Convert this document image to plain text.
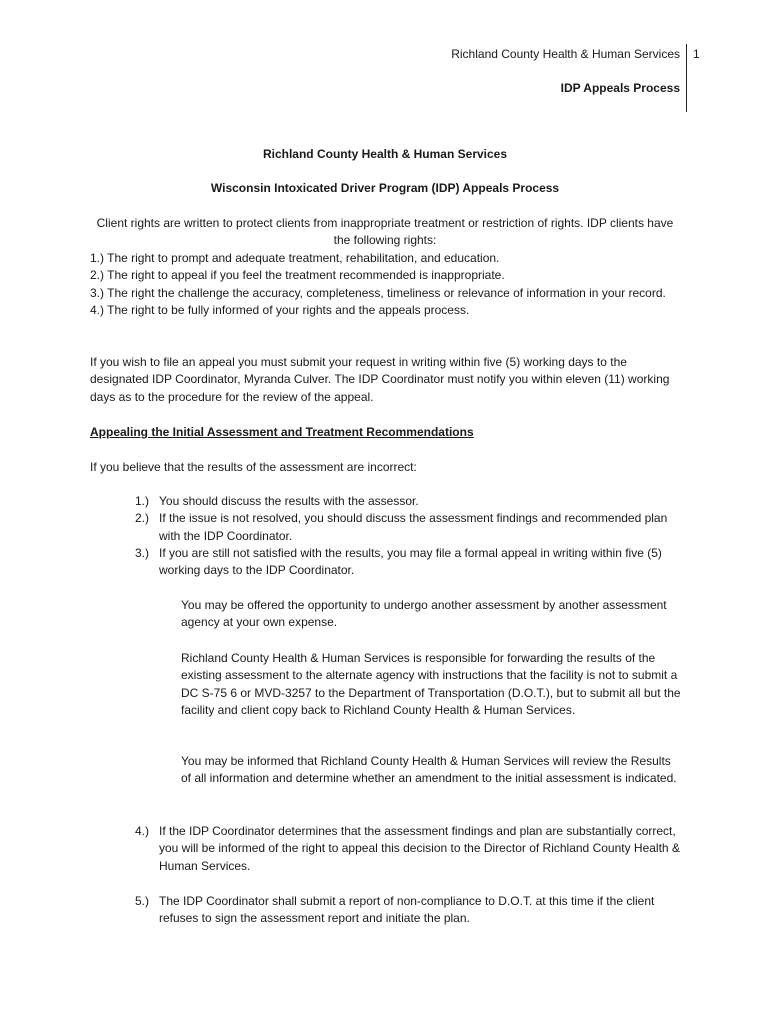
Richland County Health & Human Services 1
IDP Appeals Process
Richland County Health & Human Services
Wisconsin Intoxicated Driver Program (IDP) Appeals Process
Client rights are written to protect clients from inappropriate treatment or restriction of rights. IDP clients have the following rights:

1.) The right to prompt and adequate treatment, rehabilitation, and education.

2.) The right to appeal if you feel the treatment recommended is inappropriate.

3.) The right the challenge the accuracy, completeness, timeliness or relevance of information in your record.

4.) The right to be fully informed of your rights and the appeals process.

If you wish to file an appeal you must submit your request in writing within five (5) working days to the designated IDP Coordinator, Myranda Culver. The IDP Coordinator must notify you within eleven (11) working days as to the procedure for the review of the appeal.
Appealing the Initial Assessment and Treatment Recommendations
If you believe that the results of the assessment are incorrect:
1.) You should discuss the results with the assessor.
2.) If the issue is not resolved, you should discuss the assessment findings and recommended plan with the IDP Coordinator.
3.) If you are still not satisfied with the results, you may file a formal appeal in writing within five (5) working days to the IDP Coordinator.
You may be offered the opportunity to undergo another assessment by another assessment agency at your own expense.
Richland County Health & Human Services is responsible for forwarding the results of the existing assessment to the alternate agency with instructions that the facility is not to submit a DC S-75 6 or MVD-3257 to the Department of Transportation (D.O.T.), but to submit all but the facility and client copy back to Richland County Health & Human Services.
You may be informed that Richland County Health & Human Services will review the Results of all information and determine whether an amendment to the initial assessment is indicated.
4.) If the IDP Coordinator determines that the assessment findings and plan are substantially correct, you will be informed of the right to appeal this decision to the Director of Richland County Health & Human Services.
5.) The IDP Coordinator shall submit a report of non-compliance to D.O.T. at this time if the client refuses to sign the assessment report and initiate the plan.
